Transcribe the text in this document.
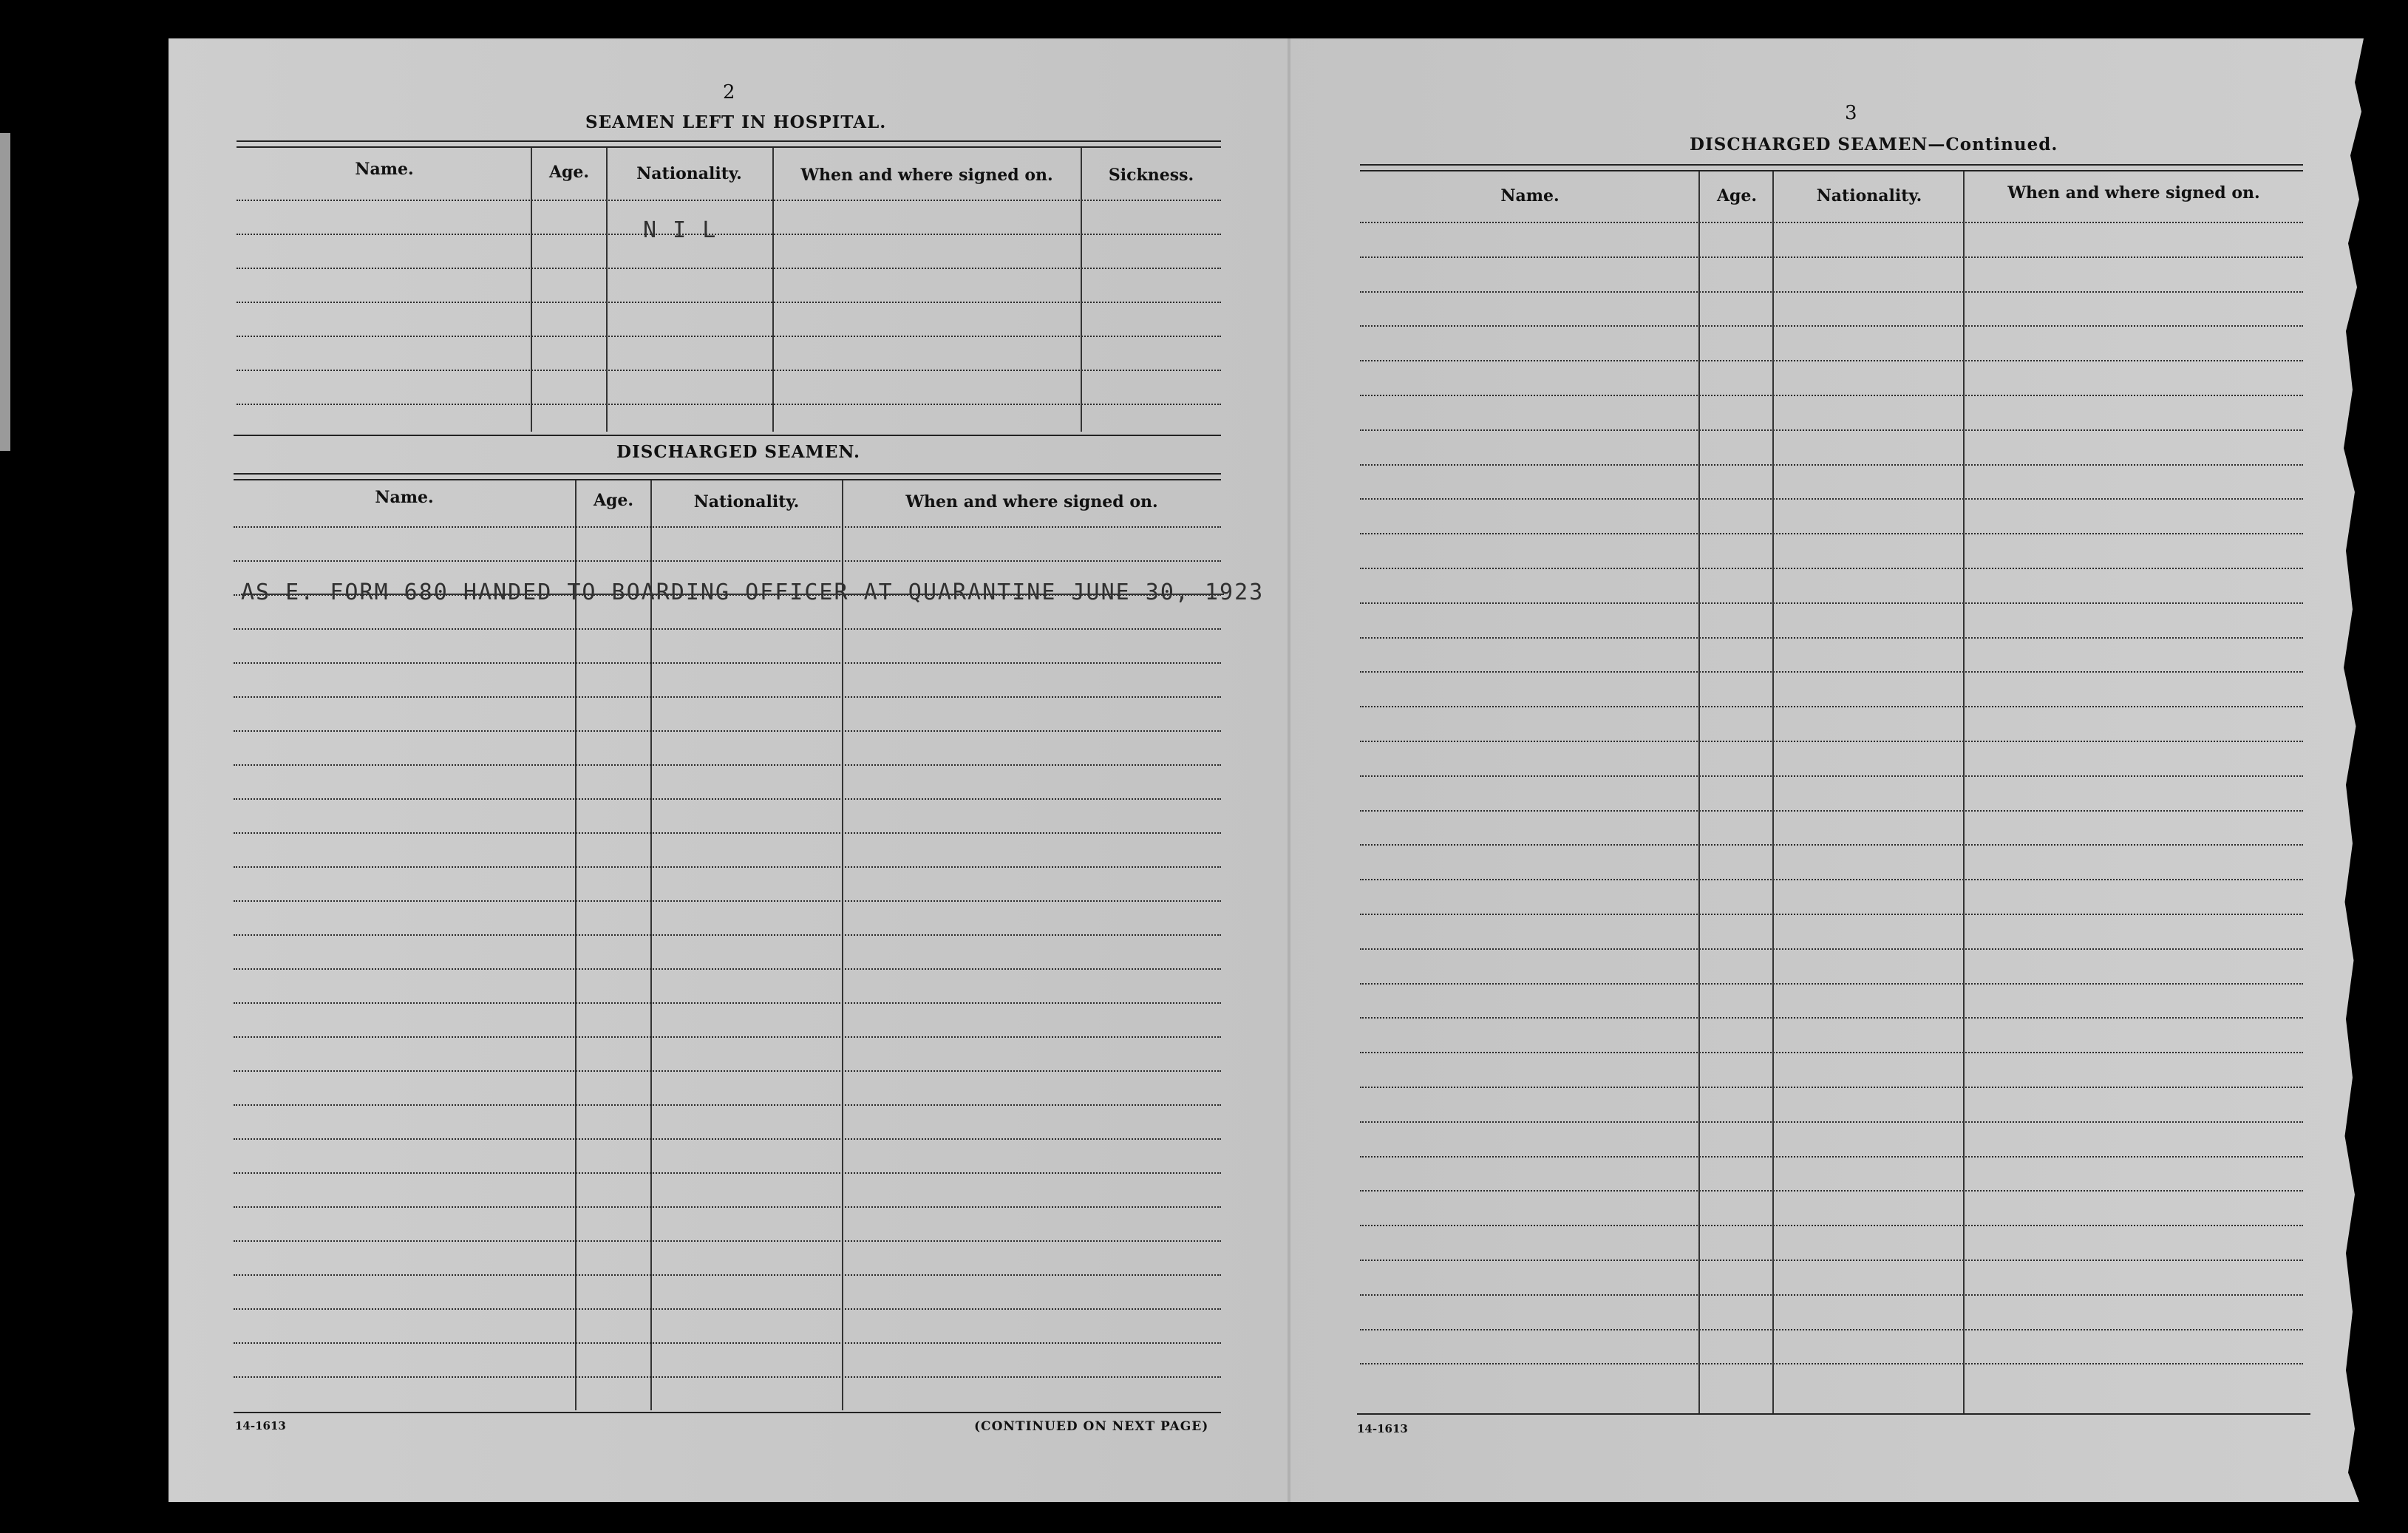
2
SEAMEN LEFT IN HOSPITAL.
Name.	Age.	Nationality.	When and where signed on.	Sickness.
N I L
DISCHARGED SEAMEN.
Name.	Age.	Nationality.	When and where signed on.
AS E. FORM 680 HANDED TO BOARDING OFFICER AT QUARANTINE JUNE 30, 1923
14-1613	(CONTINUED ON NEXT PAGE)
3
DISCHARGED SEAMEN—Continued.
Name.	Age.	Nationality.	When and where signed on.
14-1613
